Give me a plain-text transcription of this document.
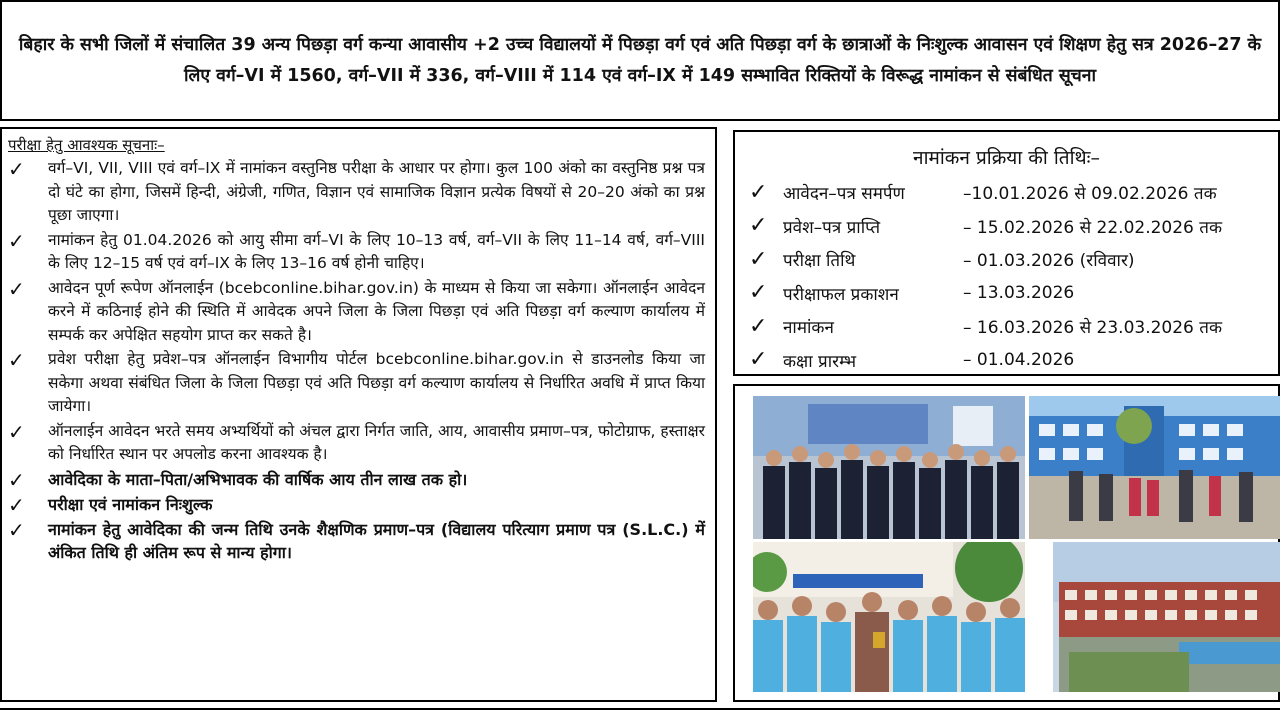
बिहार के सभी जिलों में संचालित 39 अन्य पिछड़ा वर्ग कन्या आवासीय +2 उच्च विद्यालयों में पिछड़ा वर्ग एवं अति पिछड़ा वर्ग के छात्राओं के निःशुल्क आवासन एवं शिक्षण हेतु सत्र 2026–27 के लिए वर्ग–VI में 1560, वर्ग–VII में 336, वर्ग–VIII में 114 एवं वर्ग–IX में 149 सम्भावित रिक्तियों के विरूद्ध नामांकन से संबंधित सूचना

परीक्षा हेतु आवश्यक सूचनाः–
✓	वर्ग–VI, VII, VIII एवं वर्ग–IX में नामांकन वस्तुनिष्ठ परीक्षा के आधार पर होगा। कुल 100 अंको का वस्तुनिष्ठ प्रश्न पत्र दो घंटे का होगा, जिसमें हिन्दी, अंग्रेजी, गणित, विज्ञान एवं सामाजिक विज्ञान प्रत्येक विषयों से 20–20 अंको का प्रश्न पूछा जाएगा।

✓	नामांकन हेतु 01.04.2026 को आयु सीमा वर्ग–VI के लिए 10–13 वर्ष, वर्ग–VII के लिए 11–14 वर्ष, वर्ग–VIII के लिए 12–15 वर्ष एवं वर्ग–IX के लिए 13–16 वर्ष होनी चाहिए।

✓	आवेदन पूर्ण रूपेण ऑनलाईन (bcebconline.bihar.gov.in) के माध्यम से किया जा सकेगा। ऑनलाईन आवेदन करने में कठिनाई होने की स्थिति में आवेदक अपने जिला के जिला पिछड़ा एवं अति पिछड़ा वर्ग कल्याण कार्यालय में सम्पर्क कर अपेक्षित सहयोग प्राप्त कर सकते है।

✓	प्रवेश परीक्षा हेतु प्रवेश–पत्र ऑनलाईन विभागीय पोर्टल bcebconline.bihar.gov.in से डाउनलोड किया जा सकेगा अथवा संबंधित जिला के जिला पिछड़ा एवं अति पिछड़ा वर्ग कल्याण कार्यालय से निर्धारित अवधि में प्राप्त किया जायेगा।

✓	ऑनलाईन आवेदन भरते समय अभ्यर्थियों को अंचल द्वारा निर्गत जाति, आय, आवासीय प्रमाण–पत्र, फोटोग्राफ, हस्ताक्षर को निर्धारित स्थान पर अपलोड करना आवश्यक है।

✓	आवेदिका के माता–पिता/अभिभावक की वार्षिक आय तीन लाख तक हो।

✓	परीक्षा एवं नामांकन निःशुल्क

✓	नामांकन हेतु आवेदिका की जन्म तिथि उनके शैक्षणिक प्रमाण–पत्र (विद्यालय परित्याग प्रमाण पत्र (S.L.C.) में अंकित तिथि ही अंतिम रूप से मान्य होगा।

नामांकन प्रक्रिया की तिथिः–
✓ आवेदन–पत्र समर्पण	–10.01.2026 से 09.02.2026 तक
✓ प्रवेश–पत्र प्राप्ति	– 15.02.2026 से 22.02.2026 तक
✓ परीक्षा तिथि	– 01.03.2026 (रविवार)
✓ परीक्षाफल प्रकाशन	– 13.03.2026
✓ नामांकन	– 16.03.2026 से 23.03.2026 तक
✓ कक्षा प्रारम्भ	– 01.04.2026
